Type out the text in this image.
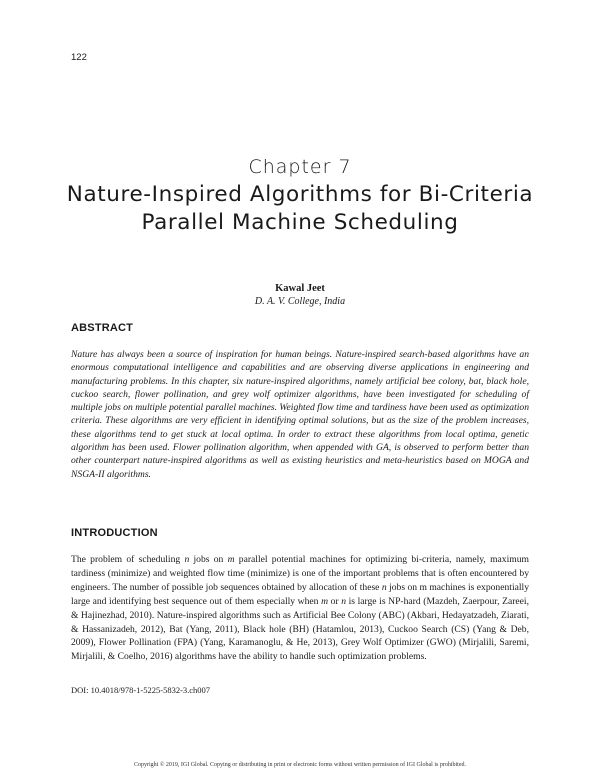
122
Chapter 7
Nature-Inspired Algorithms for Bi-Criteria Parallel Machine Scheduling
Kawal Jeet
D. A. V. College, India
ABSTRACT

Nature has always been a source of inspiration for human beings. Nature-inspired search-based algorithms have an enormous computational intelligence and capabilities and are observing diverse applications in engineering and manufacturing problems. In this chapter, six nature-inspired algorithms, namely artificial bee colony, bat, black hole, cuckoo search, flower pollination, and grey wolf optimizer algorithms, have been investigated for scheduling of multiple jobs on multiple potential parallel machines. Weighted flow time and tardiness have been used as optimization criteria. These algorithms are very efficient in identifying optimal solutions, but as the size of the problem increases, these algorithms tend to get stuck at local optima. In order to extract these algorithms from local optima, genetic algorithm has been used. Flower pollination algorithm, when appended with GA, is observed to perform better than other counterpart nature-inspired algorithms as well as existing heuristics and meta-heuristics based on MOGA and NSGA-II algorithms.

INTRODUCTION

The problem of scheduling n jobs on m parallel potential machines for optimizing bi-criteria, namely, maximum tardiness (minimize) and weighted flow time (minimize) is one of the important problems that is often encountered by engineers. The number of possible job sequences obtained by allocation of these n jobs on m machines is exponentially large and identifying best sequence out of them especially when m or n is large is NP-hard (Mazdeh, Zaerpour, Zareei, & Hajinezhad, 2010). Nature-inspired algorithms such as Artificial Bee Colony (ABC) (Akbari, Hedayatzadeh, Ziarati, & Hassanizadeh, 2012), Bat (Yang, 2011), Black hole (BH) (Hatamlou, 2013), Cuckoo Search (CS) (Yang & Deb, 2009), Flower Pollination (FPA) (Yang, Karamanoglu, & He, 2013), Grey Wolf Optimizer (GWO) (Mirjalili, Saremi, Mirjalili, & Coelho, 2016) algorithms have the ability to handle such optimization problems.

DOI: 10.4018/978-1-5225-5832-3.ch007
Copyright © 2019, IGI Global. Copying or distributing in print or electronic forms without written permission of IGI Global is prohibited.
